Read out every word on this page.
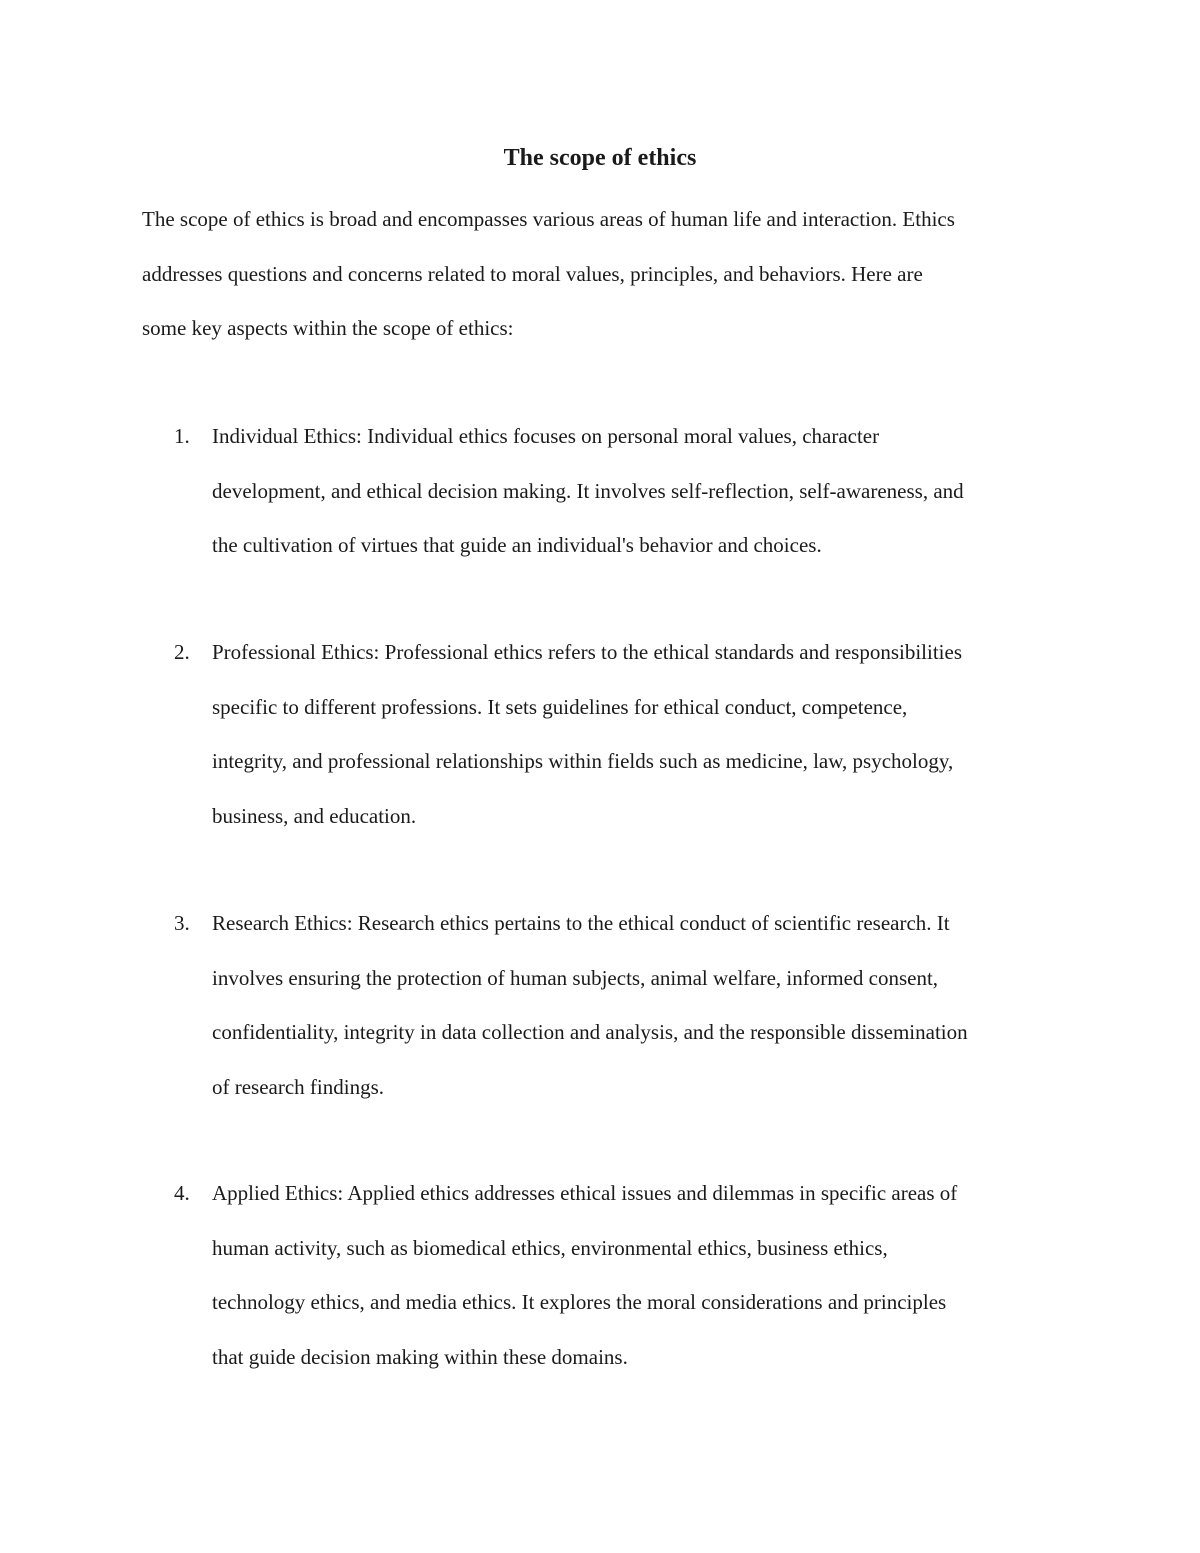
The scope of ethics

The scope of ethics is broad and encompasses various areas of human life and interaction. Ethics
addresses questions and concerns related to moral values, principles, and behaviors. Here are
some key aspects within the scope of ethics:

1.	Individual Ethics: Individual ethics focuses on personal moral values, character
development, and ethical decision making. It involves self-reflection, self-awareness, and
the cultivation of virtues that guide an individual's behavior and choices.
2.	Professional Ethics: Professional ethics refers to the ethical standards and responsibilities
specific to different professions. It sets guidelines for ethical conduct, competence,
integrity, and professional relationships within fields such as medicine, law, psychology,
business, and education.
3.	Research Ethics: Research ethics pertains to the ethical conduct of scientific research. It
involves ensuring the protection of human subjects, animal welfare, informed consent,
confidentiality, integrity in data collection and analysis, and the responsible dissemination
of research findings.
4.	Applied Ethics: Applied ethics addresses ethical issues and dilemmas in specific areas of
human activity, such as biomedical ethics, environmental ethics, business ethics,
technology ethics, and media ethics. It explores the moral considerations and principles
that guide decision making within these domains.
